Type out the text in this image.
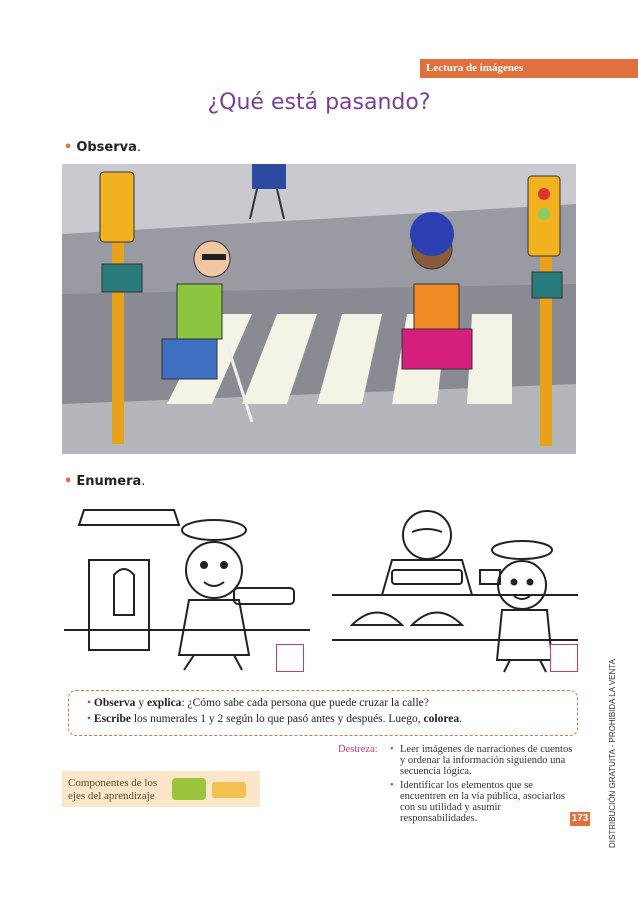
Lectura de imágenes
¿Qué está pasando?
• Observa.
• Enumera.

• Observa y explica: ¿Cómo sabe cada persona que puede cruzar la calle?

• Escribe los numerales 1 y 2 según lo que pasó antes y después. Luego, colorea.

Destreza:	• Leer imágenes de narraciones de cuentos y ordenar la información siguiendo una secuencia lógica.
• Identificar los elementos que se encuentren en la vía pública, asociarlos con su utilidad y asumir responsabilidades.
Componentes de los ejes del aprendizaje
173 DISTRIBUCIÓN GRATUITA - PROHIBIDA LA VENTA
